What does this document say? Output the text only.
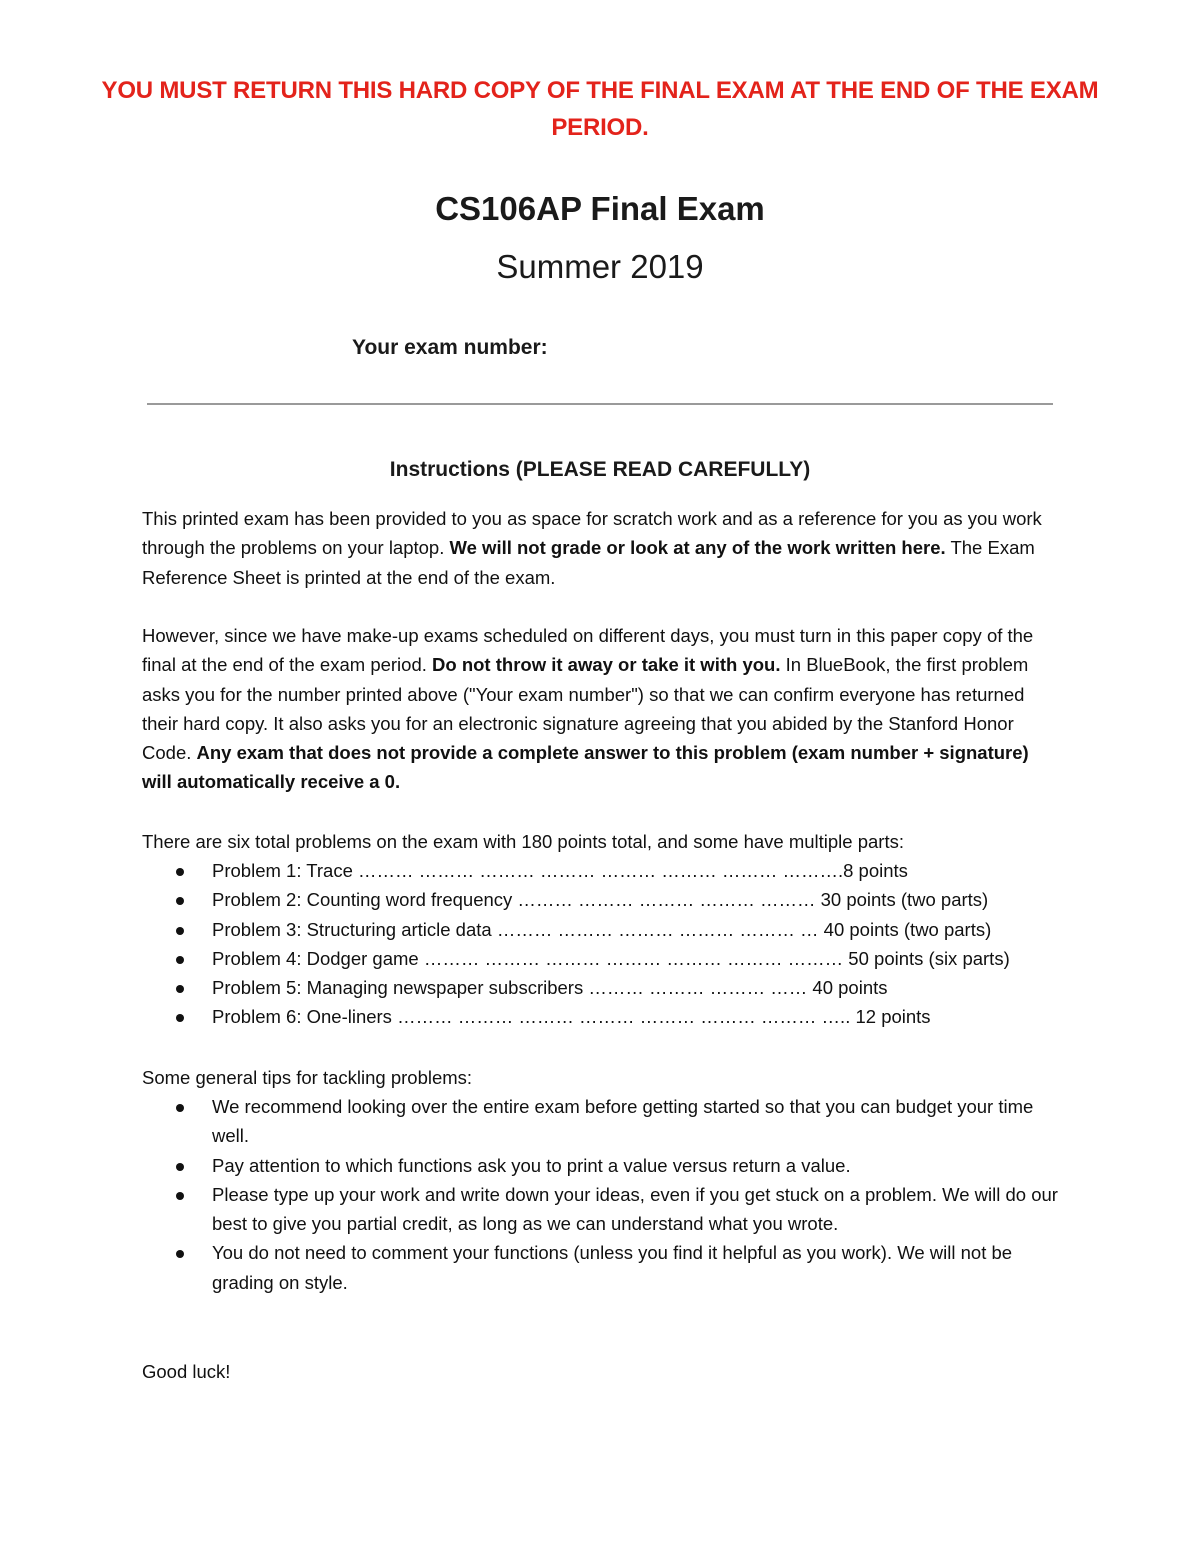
YOU MUST RETURN THIS HARD COPY OF THE FINAL EXAM AT THE END OF THE EXAM PERIOD.
CS106AP Final Exam
Summer 2019
Your exam number:
Instructions (PLEASE READ CAREFULLY)
This printed exam has been provided to you as space for scratch work and as a reference for you as you work through the problems on your laptop. We will not grade or look at any of the work written here. The Exam Reference Sheet is printed at the end of the exam.
However, since we have make-up exams scheduled on different days, you must turn in this paper copy of the final at the end of the exam period. Do not throw it away or take it with you. In BlueBook, the first problem asks you for the number printed above ("Your exam number") so that we can confirm everyone has returned their hard copy. It also asks you for an electronic signature agreeing that you abided by the Stanford Honor Code. Any exam that does not provide a complete answer to this problem (exam number + signature) will automatically receive a 0.
There are six total problems on the exam with 180 points total, and some have multiple parts:
Problem 1: Trace ……… ……… ……… ……… ……… ……… ……… ……….8 points
Problem 2: Counting word frequency ……… ……… ……… ……… ……… 30 points (two parts)
Problem 3: Structuring article data ……… ……… ……… ……… ……… … 40 points (two parts)
Problem 4: Dodger game ……… ……… ……… ……… ……… ……… ……… 50 points (six parts)
Problem 5: Managing newspaper subscribers ……… ……… ……… …… 40 points
Problem 6: One-liners ……… ……… ……… ……… ……… ……… ……… ….. 12 points
Some general tips for tackling problems:
We recommend looking over the entire exam before getting started so that you can budget your time well.
Pay attention to which functions ask you to print a value versus return a value.
Please type up your work and write down your ideas, even if you get stuck on a problem. We will do our best to give you partial credit, as long as we can understand what you wrote.
You do not need to comment your functions (unless you find it helpful as you work). We will not be grading on style.
Good luck!
